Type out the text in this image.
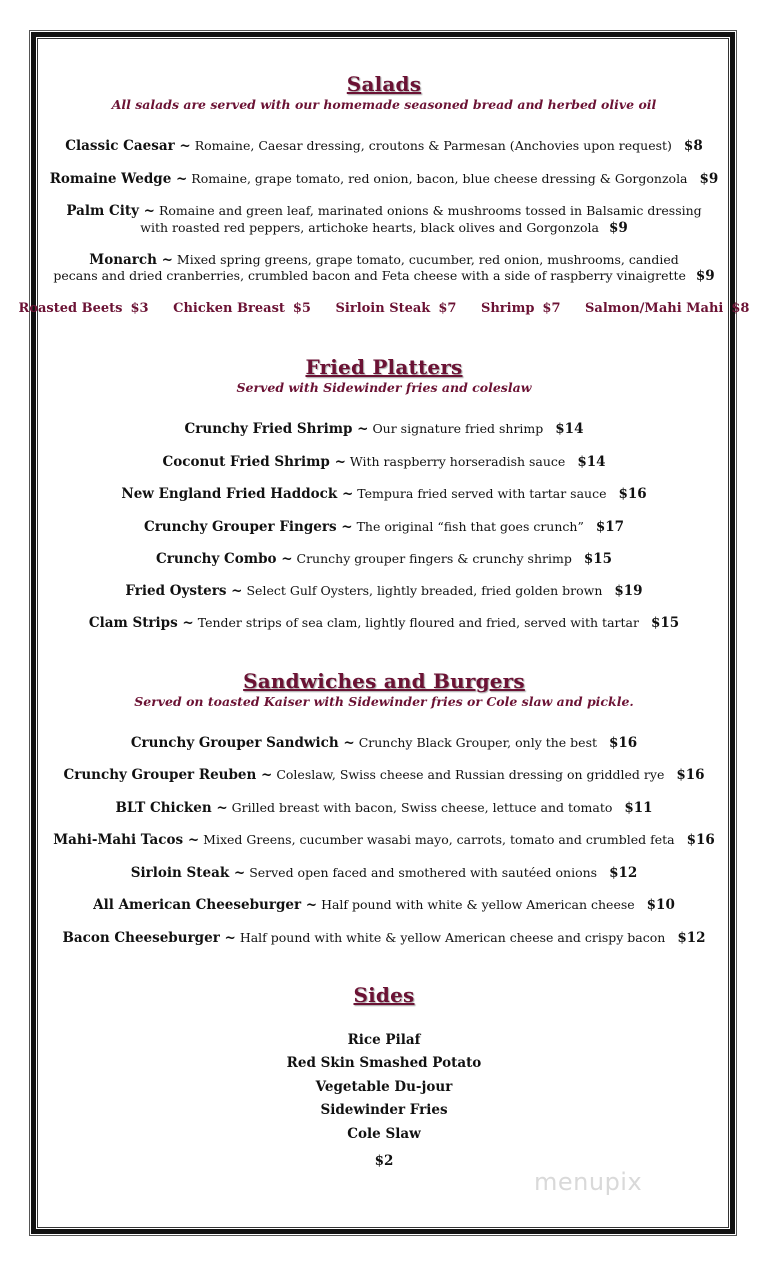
Salads
All salads are served with our homemade seasoned bread and herbed olive oil
Classic Caesar ~ Romaine, Caesar dressing, croutons & Parmesan (Anchovies upon request) $8
Romaine Wedge ~ Romaine, grape tomato, red onion, bacon, blue cheese dressing & Gorgonzola $9
Palm City ~ Romaine and green leaf, marinated onions & mushrooms tossed in Balsamic dressing
with roasted red peppers, artichoke hearts, black olives and Gorgonzola $9
Monarch ~ Mixed spring greens, grape tomato, cucumber, red onion, mushrooms, candied
pecans and dried cranberries, crumbled bacon and Feta cheese with a side of raspberry vinaigrette $9
Roasted Beets $3 Chicken Breast $5 Sirloin Steak $7 Shrimp $7 Salmon/Mahi Mahi $8
Fried Platters
Served with Sidewinder fries and coleslaw
Crunchy Fried Shrimp ~ Our signature fried shrimp $14
Coconut Fried Shrimp ~ With raspberry horseradish sauce $14
New England Fried Haddock ~ Tempura fried served with tartar sauce $16
Crunchy Grouper Fingers ~ The original “fish that goes crunch” $17
Crunchy Combo ~ Crunchy grouper fingers & crunchy shrimp $15
Fried Oysters ~ Select Gulf Oysters, lightly breaded, fried golden brown $19
Clam Strips ~ Tender strips of sea clam, lightly floured and fried, served with tartar $15
Sandwiches and Burgers
Served on toasted Kaiser with Sidewinder fries or Cole slaw and pickle.
Crunchy Grouper Sandwich ~ Crunchy Black Grouper, only the best $16
Crunchy Grouper Reuben ~ Coleslaw, Swiss cheese and Russian dressing on griddled rye $16
BLT Chicken ~ Grilled breast with bacon, Swiss cheese, lettuce and tomato $11
Mahi-Mahi Tacos ~ Mixed Greens, cucumber wasabi mayo, carrots, tomato and crumbled feta $16
Sirloin Steak ~ Served open faced and smothered with sautéed onions $12
All American Cheeseburger ~ Half pound with white & yellow American cheese $10
Bacon Cheeseburger ~ Half pound with white & yellow American cheese and crispy bacon $12
Sides
Rice Pilaf
Red Skin Smashed Potato
Vegetable Du-jour
Sidewinder Fries
Cole Slaw
$2
menupix
